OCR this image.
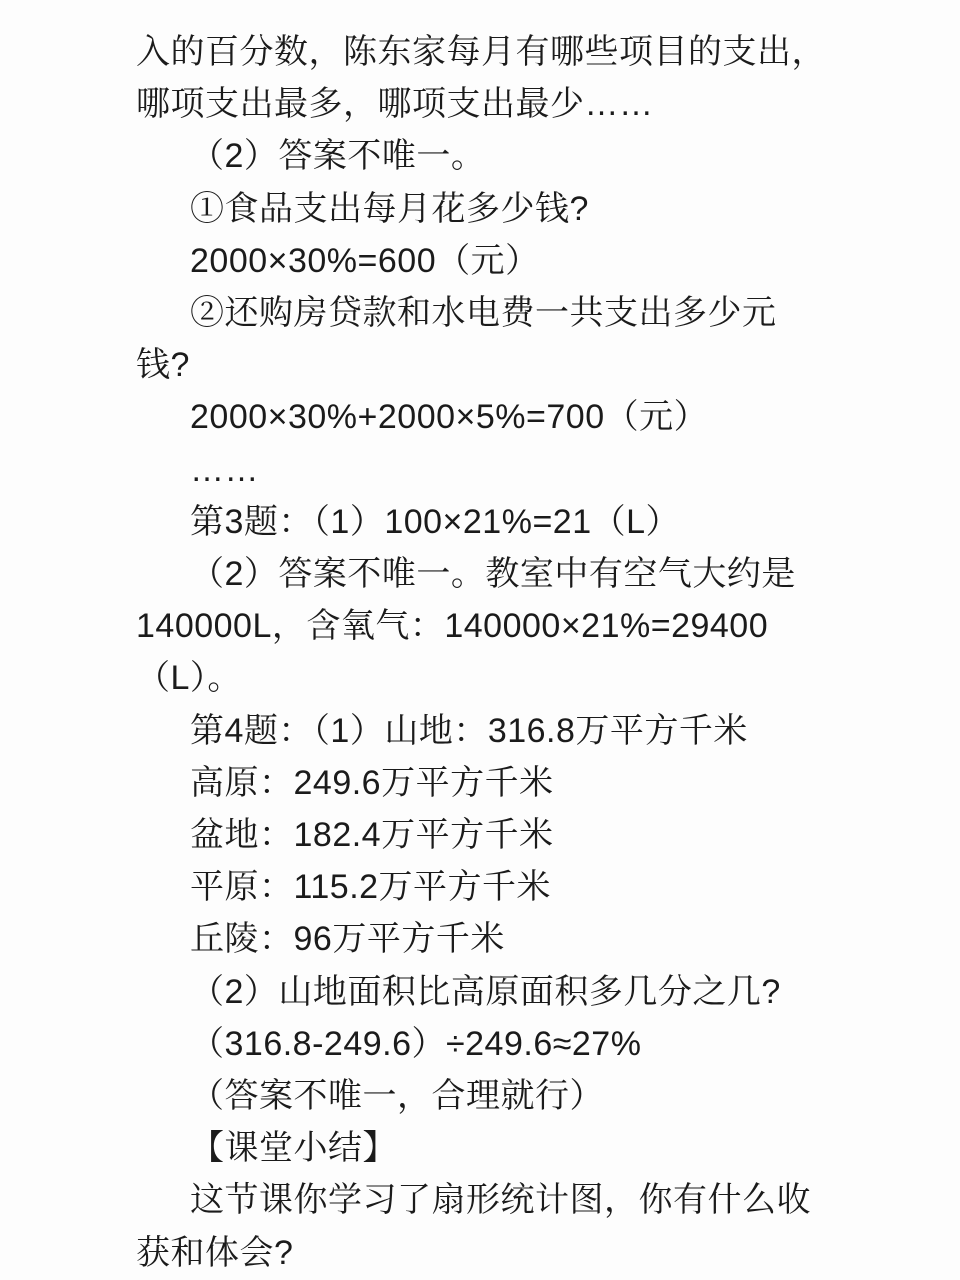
入的百分数，陈东家每月有哪些项目的支出，
哪项支出最多，哪项支出最少……
（2）答案不唯一。
①食品支出每月花多少钱?
2000×30%=600（元）
②还购房贷款和水电费一共支出多少元
钱?
2000×30%+2000×5%=700（元）
……
第3题：（1）100×21%=21（L）
（2）答案不唯一。教室中有空气大约是
140000L，含氧气：140000×21%=29400
（L）。
第4题：（1）山地：316.8万平方千米
高原：249.6万平方千米
盆地：182.4万平方千米
平原：115.2万平方千米
丘陵：96万平方千米
（2）山地面积比高原面积多几分之几?
（316.8-249.6）÷249.6≈27%
（答案不唯一，合理就行）
【课堂小结】
这节课你学习了扇形统计图，你有什么收
获和体会?
